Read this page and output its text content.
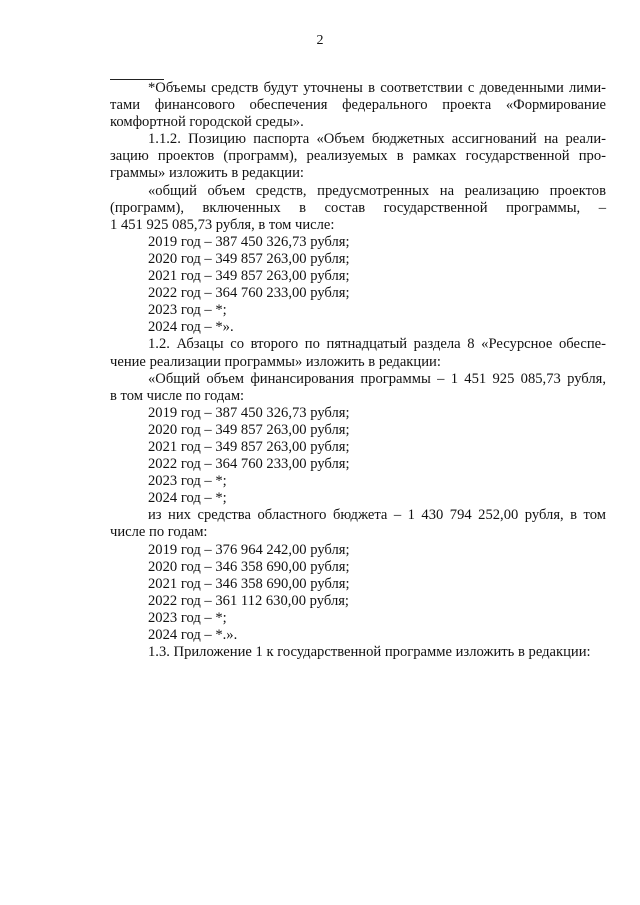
2

*Объемы средств будут уточнены в соответствии с доведенными лими-
тами финансового обеспечения федерального проекта «Формирование
комфортной городской среды».

1.1.2. Позицию паспорта «Объем бюджетных ассигнований на реали-
зацию проектов (программ), реализуемых в рамках государственной про-
граммы» изложить в редакции:

«общий объем средств, предусмотренных на реализацию проектов
(программ), включенных в состав государственной программы, –
1 451 925 085,73 рубля, в том числе:

2019 год – 387 450 326,73 рубля;

2020 год – 349 857 263,00 рубля;

2021 год – 349 857 263,00 рубля;

2022 год – 364 760 233,00 рубля;

2023 год – *;

2024 год – *».

1.2. Абзацы со второго по пятнадцатый раздела 8 «Ресурсное обеспе-
чение реализации программы» изложить в редакции:

«Общий объем финансирования программы – 1 451 925 085,73 рубля,
в том числе по годам:

2019 год – 387 450 326,73 рубля;

2020 год – 349 857 263,00 рубля;

2021 год – 349 857 263,00 рубля;

2022 год – 364 760 233,00 рубля;

2023 год – *;

2024 год – *;

из них средства областного бюджета – 1 430 794 252,00 рубля, в том
числе по годам:

2019 год – 376 964 242,00 рубля;

2020 год – 346 358 690,00 рубля;

2021 год – 346 358 690,00 рубля;

2022 год – 361 112 630,00 рубля;

2023 год – *;

2024 год – *.».

1.3. Приложение 1 к государственной программе изложить в редакции:
